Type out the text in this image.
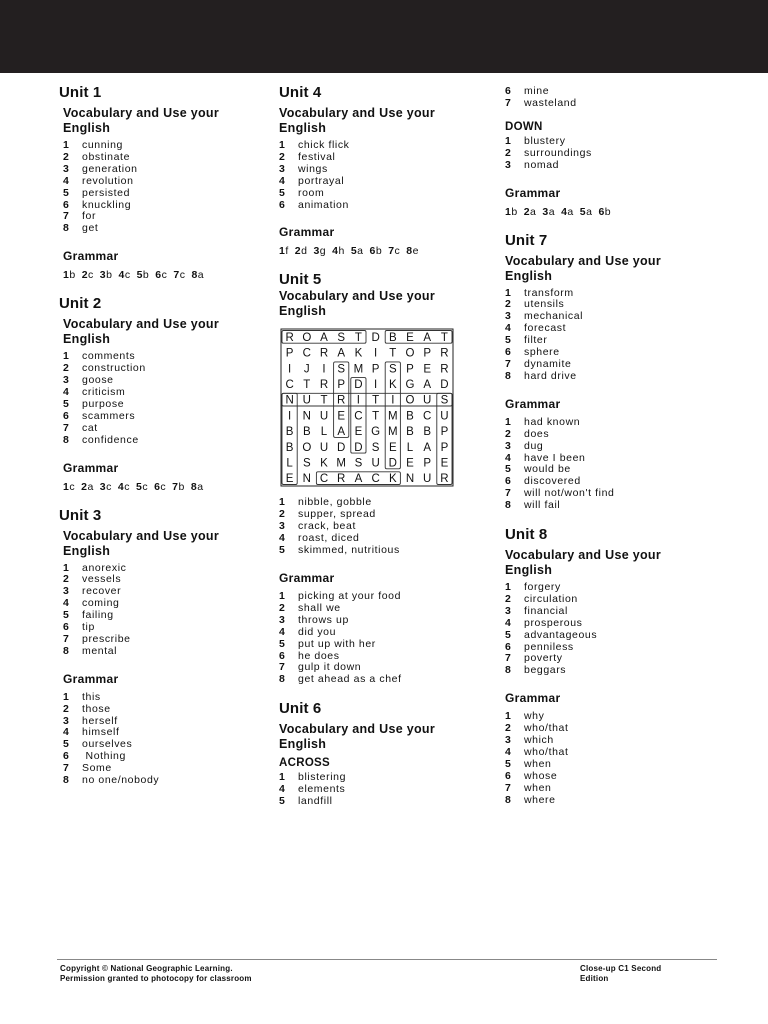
Unit 1
Vocabulary and Use your English
1	cunning
2	obstinate
3	generation
4	revolution
5	persisted
6	knuckling
7	for
8	get
Grammar
1b 2c 3b 4c 5b 6c 7c 8a
Unit 2
Vocabulary and Use your English
1	comments
2	construction
3	goose
4	criticism
5	purpose
6	scammers
7	cat
8	confidence
Grammar
1c 2a 3c 4c 5c 6c 7b 8a
Unit 3
Vocabulary and Use your English
1	anorexic
2	vessels
3	recover
4	coming
5	failing
6	tip
7	prescribe
8	mental
Grammar
1	this
2	those
3	herself
4	himself
5	ourselves
6	Nothing
7	Some
8	no one/nobody
Unit 4
Vocabulary and Use your English
1	chick flick
2	festival
3	wings
4	portrayal
5	room
6	animation
Grammar
1f 2d 3g 4h 5a 6b 7c 8e
Unit 5
Vocabulary and Use your English
R O A S T D B E A T
P C R A K I T O P R
I J I S M P S P E R
C T R P D I K G A D
N U T R I T I O U S
I N U E C T M B C U
B B L A E G M B B P
B O U D D S E L A P
L S K M S U D E P E
E N C R A C K N U R
1	nibble, gobble
2	supper, spread
3	crack, beat
4	roast, diced
5	skimmed, nutritious
Grammar
1	picking at your food
2	shall we
3	throws up
4	did you
5	put up with her
6	he does
7	gulp it down
8	get ahead as a chef
Unit 6
Vocabulary and Use your English
ACROSS
1	blistering
4	elements
5	landfill
6	mine
7	wasteland
DOWN
1	blustery
2	surroundings
3	nomad
Grammar
1b 2a 3a 4a 5a 6b
Unit 7
Vocabulary and Use your English
1	transform
2	utensils
3	mechanical
4	forecast
5	filter
6	sphere
7	dynamite
8	hard drive
Grammar
1	had known
2	does
3	dug
4	have I been
5	would be
6	discovered
7	will not/won't find
8	will fail
Unit 8
Vocabulary and Use your English
1	forgery
2	circulation
3	financial
4	prosperous
5	advantageous
6	penniless
7	poverty
8	beggars
Grammar
1	why
2	who/that
3	which
4	who/that
5	when
6	whose
7	when
8	where
Copyright © National Geographic Learning.
Permission granted to photocopy for classroom
Close-up C1 Second
Edition
